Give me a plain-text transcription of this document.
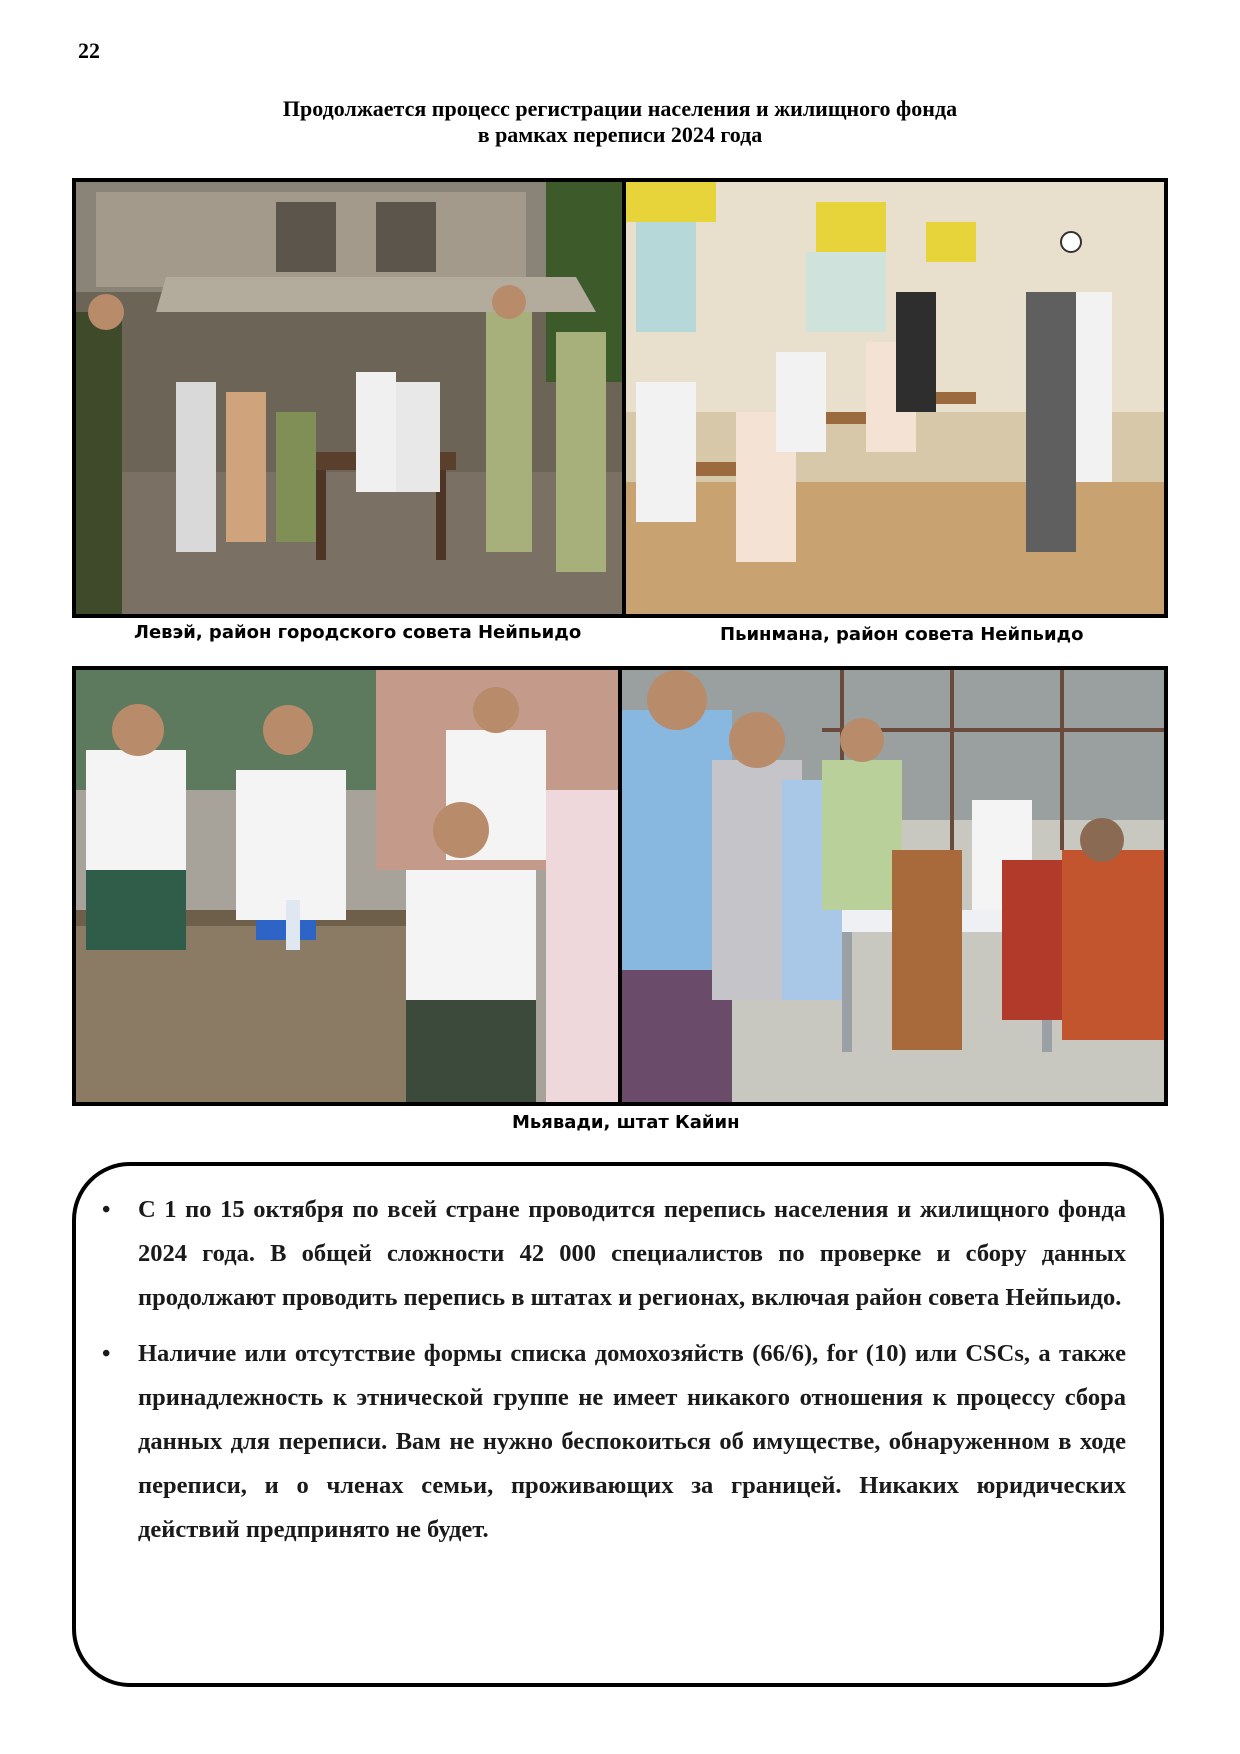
22
Продолжается процесс регистрации населения и жилищного фонда
в рамках переписи 2024 года
Левэй, район городского совета Нейпьидо	Пьинмана, район совета Нейпьидо
Мьявади, штат Кайин
• С 1 по 15 октября по всей стране проводится перепись населения и жилищного фонда 2024 года. В общей сложности 42 000 специалистов по проверке и сбору данных продолжают проводить перепись в штатах и регионах, включая район совета Нейпьидо.
• Наличие или отсутствие формы списка домохозяйств (66/6), for (10) или CSCs, а также принадлежность к этнической группе не имеет никакого отношения к процессу сбора данных для переписи. Вам не нужно беспокоиться об имуществе, обнаруженном в ходе переписи, и о членах семьи, проживающих за границей. Никаких юридических действий предпринято не будет.
